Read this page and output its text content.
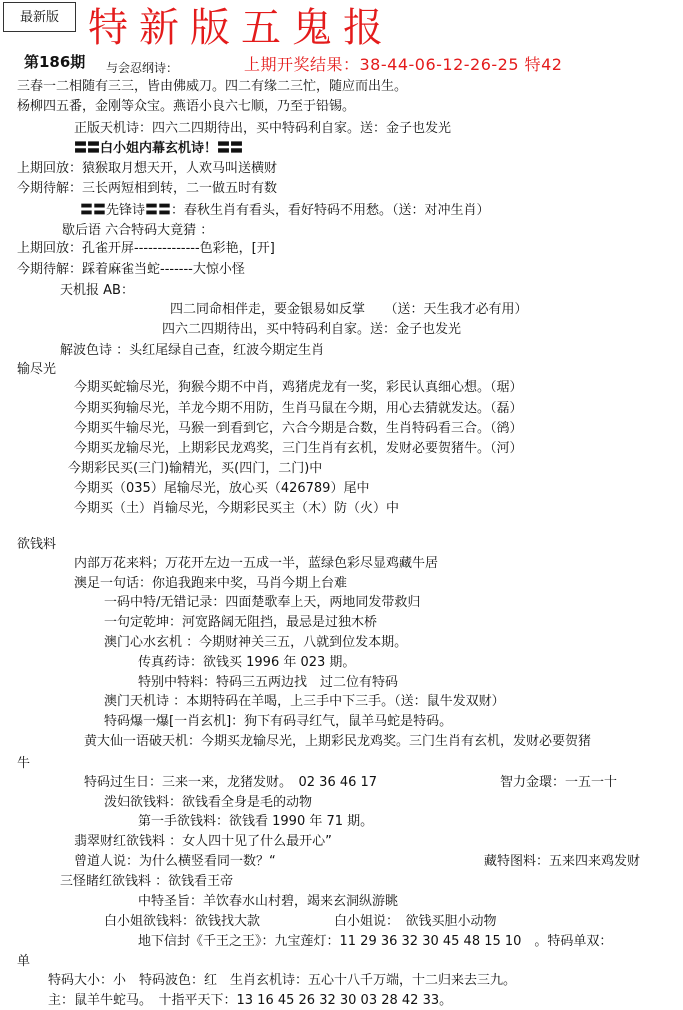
最新版 特新版五鬼报
第186期 与会忍纲诗：	上期开奖结果：38-44-06-12-26-25 特42
三春一二相随有三三，皆由佛威刀。四二有缘二三忙，随应而出生。
杨柳四五番，金刚等众宝。燕语小良六七顺，乃至于铅锡。
正版天机诗：四六二四期待出，买中特码利自家。送：金子也发光
〓〓白小姐内幕玄机诗！〓〓
上期回放：猿猴取月想天开，人欢马叫送横财
今期待解：三长两短相到转，二一做五时有数
〓〓先锋诗〓〓：春秋生肖有看头，看好特码不用愁。（送：对冲生肖）
歇后语 六合特码大竟猜 ：
上期回放：孔雀开屏--------------色彩艳，[开]
今期待解：踩着麻雀当蛇-------大惊小怪
天机报 AB：
四二同命相伴走，要金银易如反掌　　（送：天生我才必有用）
四六二四期待出，买中特码利自家。送：金子也发光
解波色诗 ：头红尾绿自己查，红波今期定生肖
输尽光
今期买蛇输尽光，狗猴今期不中肖，鸡猪虎龙有一奖，彩民认真细心想。（琚）
今期买狗输尽光，羊龙今期不用防，生肖马鼠在今期，用心去猜就发达。（磊）
今期买牛输尽光，马猴一到看到它，六合今期是合数，生肖特码看三合。（鹆）
今期买龙输尽光，上期彩民龙鸡奖，三门生肖有玄机，发财必要贺猪牛。（河）
今期彩民买(三门)输精光，买(四门，二门)中
今期买（035）尾输尽光，放心买（426789）尾中
今期买（土）肖输尽光，今期彩民买主（木）防（火）中
欲钱料
内部万花来料；万花开左边一五成一半，蓝绿色彩尽显鸡藏牛居
澳足一句话：你追我跑来中奖，马肖今期上台难
一码中特/无错记录：四面楚歌奉上天，两地同发带救归
一句定乾坤：河宽路阔无阻挡，最忌是过独木桥
澳门心水玄机 ：今期财神关三五，八就到位发本期。
传真药诗：欲钱买 1996 年 023 期。
特别中特料：特码三五两边找　过二位有特码
澳门天机诗 ：本期特码在羊喝，上三手中下三手。（送：鼠牛发双财）
特码爆一爆[一肖玄机]：狗下有码寻红气，鼠羊马蛇是特码。
黄大仙一语破天机：今期买龙输尽光，上期彩民龙鸡奖。三门生肖有玄机，发财必要贺猪
牛
特码过生日：三来一来，龙猪发财。　02 36 46 17	智力金環：一五一十
泼妇欲钱料：欲钱看全身是毛的动物
第一手欲钱料：欲钱看 1990 年 71 期。
翡翠财红欲钱料 ：女人四十见了什么最开心”
曾道人说：为什么横竖看同一数？“	藏特图料：五来四来鸡发财
三怪睹红欲钱料 ：欲钱看王帝
中特圣旨：羊饮春水山村碧，竭来玄洞纵游眺
白小姐欲钱料：欲钱找大款	白小姐说：　欲钱买胆小动物
地下信封《千王之王》：九宝莲灯：11 29 36 32 30 45 48 15 10　。特码单双：
单
特码大小：小　特码波色：红　生肖玄机诗：五心十八千万端，十二归来去三九。
主：鼠羊牛蛇马。　十指平天下：13 16 45 26 32 30 03 28 42 33。
